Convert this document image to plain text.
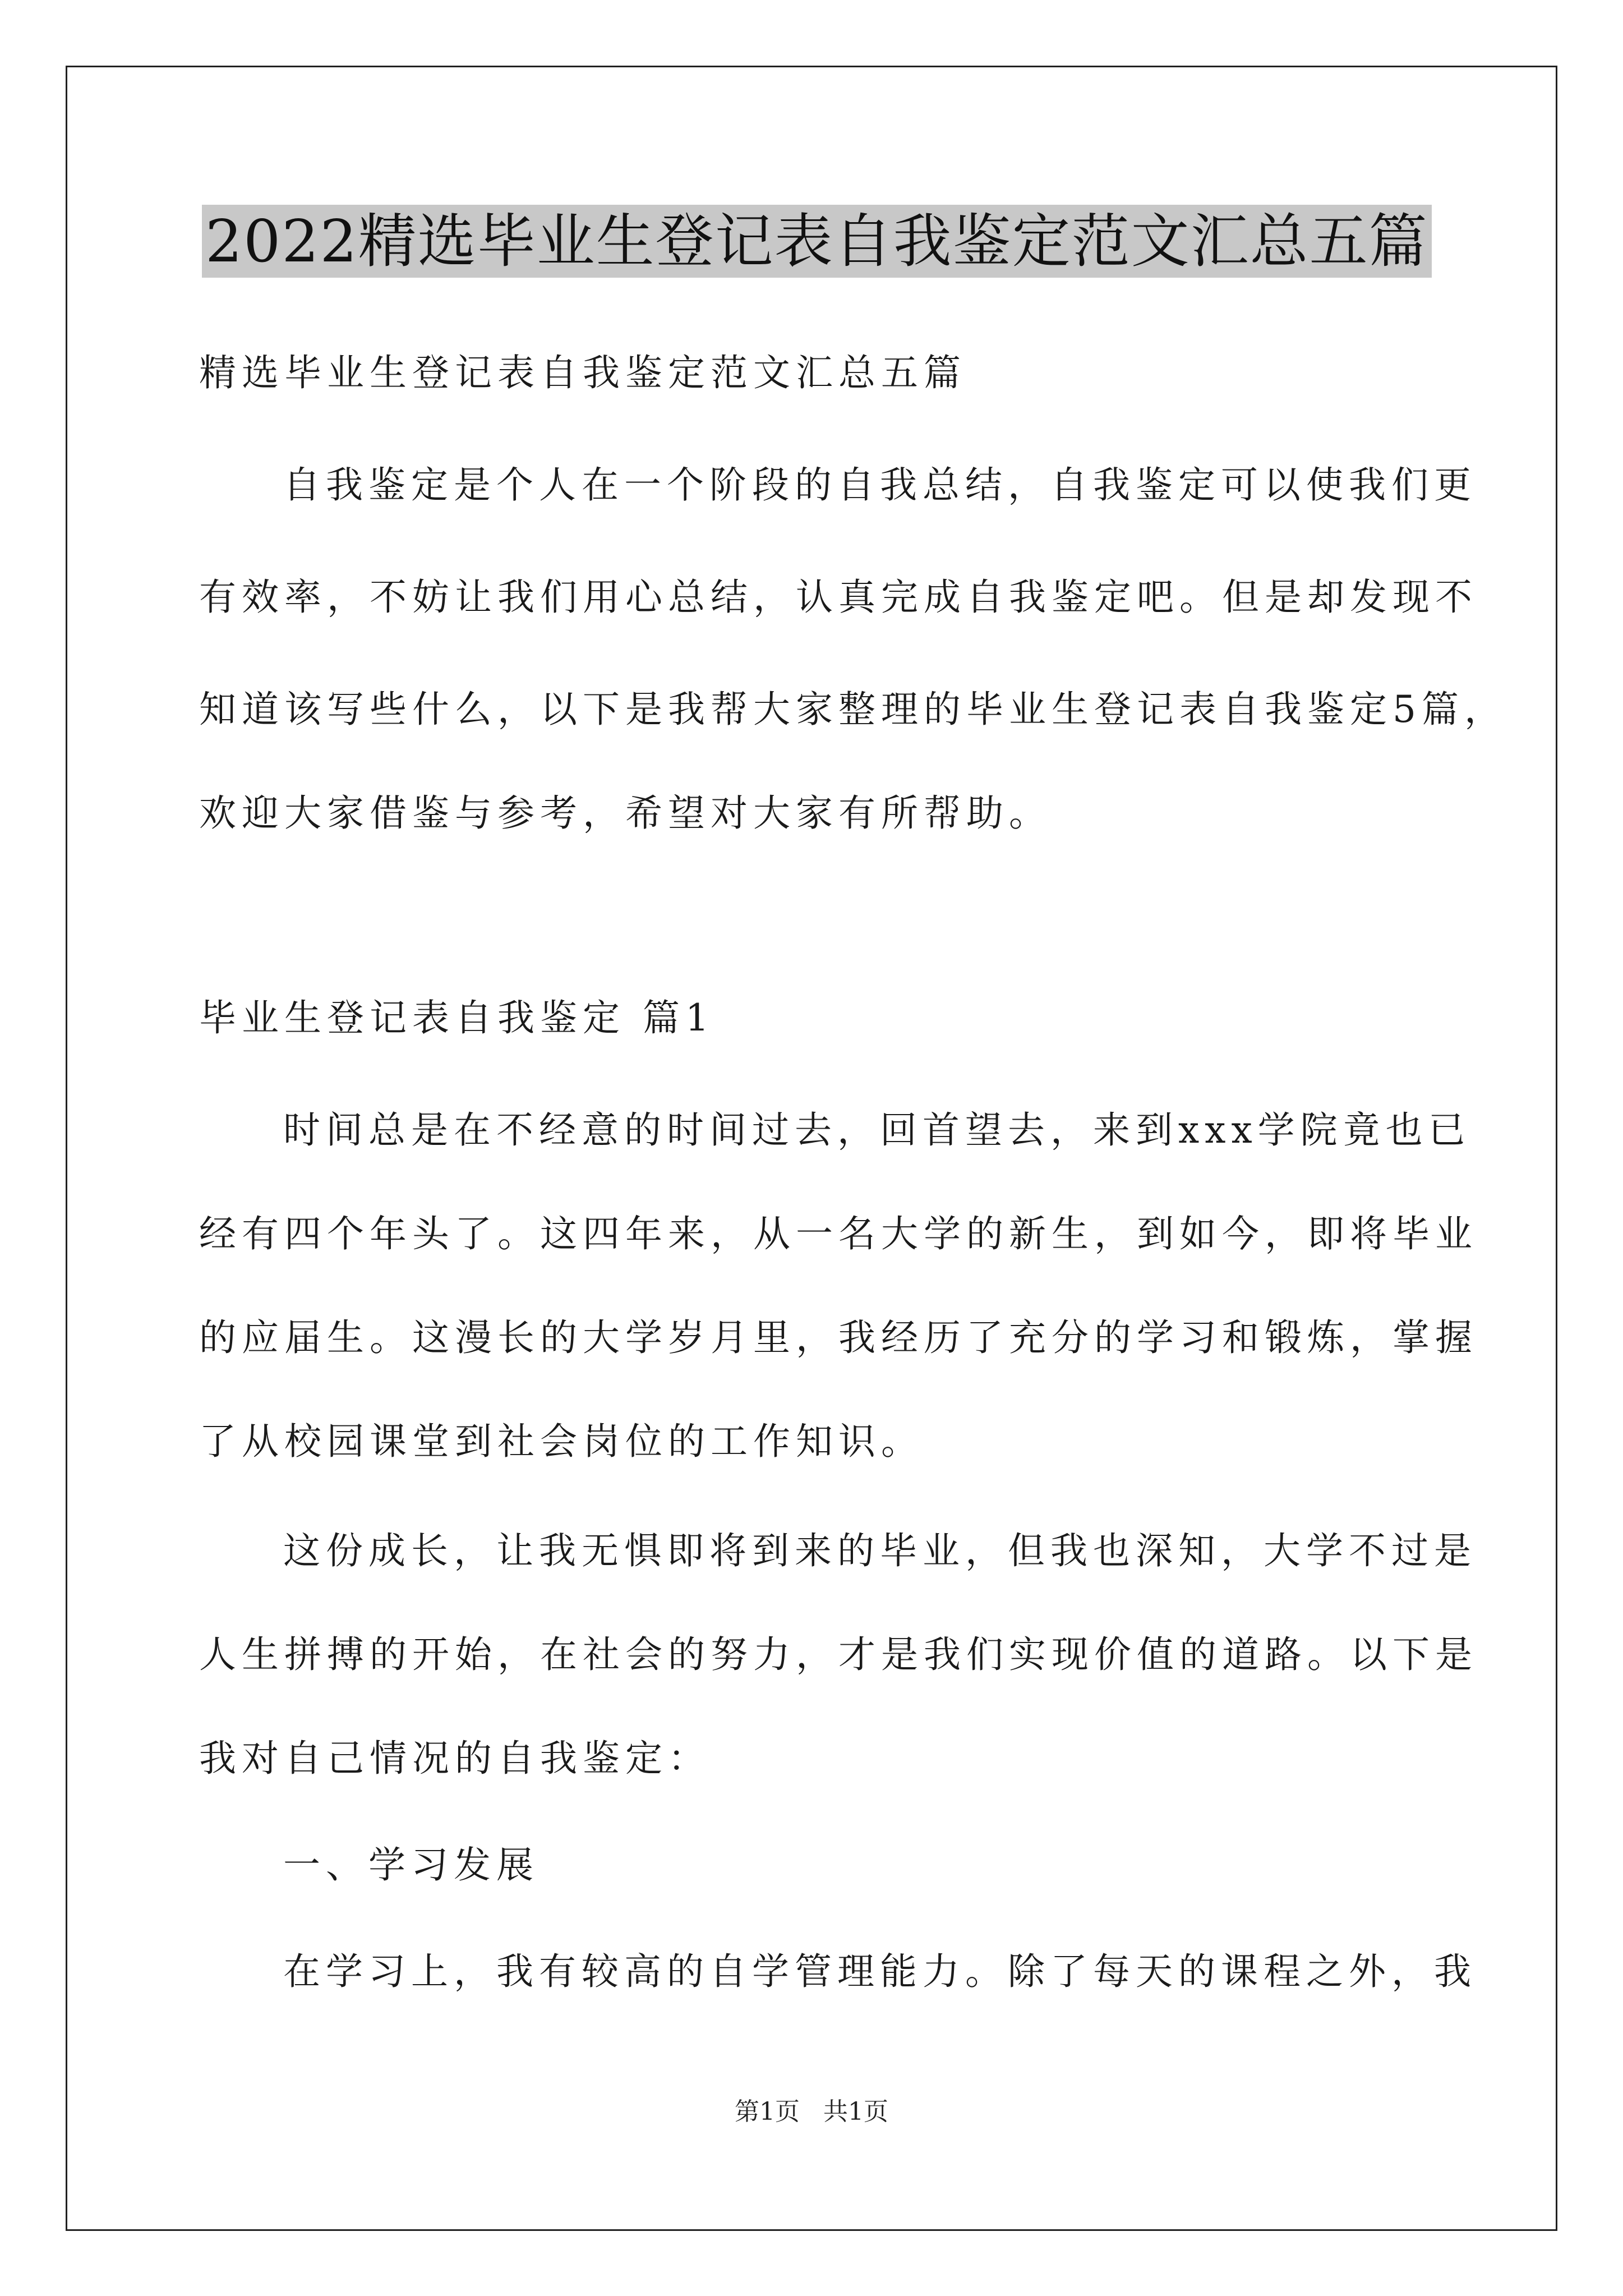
2022精选毕业生登记表自我鉴定范文汇总五篇
精选毕业生登记表自我鉴定范文汇总五篇
自我鉴定是个人在一个阶段的自我总结，自我鉴定可以使我们更
有效率，不妨让我们用心总结，认真完成自我鉴定吧。但是却发现不
知道该写些什么，以下是我帮大家整理的毕业生登记表自我鉴定5篇，
欢迎大家借鉴与参考，希望对大家有所帮助。
毕业生登记表自我鉴定 篇1
时间总是在不经意的时间过去，回首望去，来到xxx学院竟也已
经有四个年头了。这四年来，从一名大学的新生，到如今，即将毕业
的应届生。这漫长的大学岁月里，我经历了充分的学习和锻炼，掌握
了从校园课堂到社会岗位的工作知识。
这份成长，让我无惧即将到来的毕业，但我也深知，大学不过是
人生拼搏的开始，在社会的努力，才是我们实现价值的道路。以下是
我对自己情况的自我鉴定：
一、学习发展
在学习上，我有较高的自学管理能力。除了每天的课程之外，我
第1页   共1页
